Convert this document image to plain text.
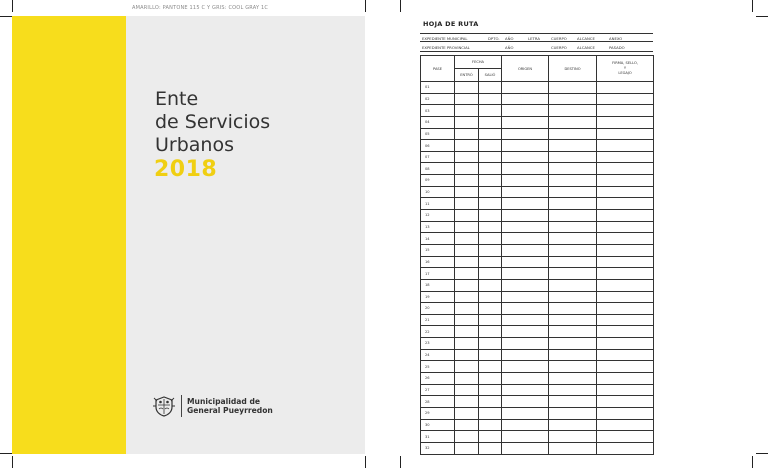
AMARILLO: PANTONE 115 C Y GRIS: COOL GRAY 1C
Ente
de Servicios
Urbanos
2018
Municipalidad de
General Pueyrredon
HOJA DE RUTA
EXPEDIENTE MUNICIPAL	DPTO. AÑO	LETRA	CUERPO	ALCANCE	ANEXO
EXPEDIENTE PROVINCIAL	AÑO	CUERPO	ALCANCE	PASADO
PASE	FECHA		ORIGEN	DESTINO	FIRMA, SELLO,
Y
LEGAJO

	ENTRÓ	SALIÓ			
01					
02					
03					
04					
05					
06					
07					
08					
09					
10					
11					
12					
13					
14					
15					
16					
17					
18					
19					
20					
21					
22					
23					
24					
25					
26					
27					
28					
29					
30					
31					
32					
